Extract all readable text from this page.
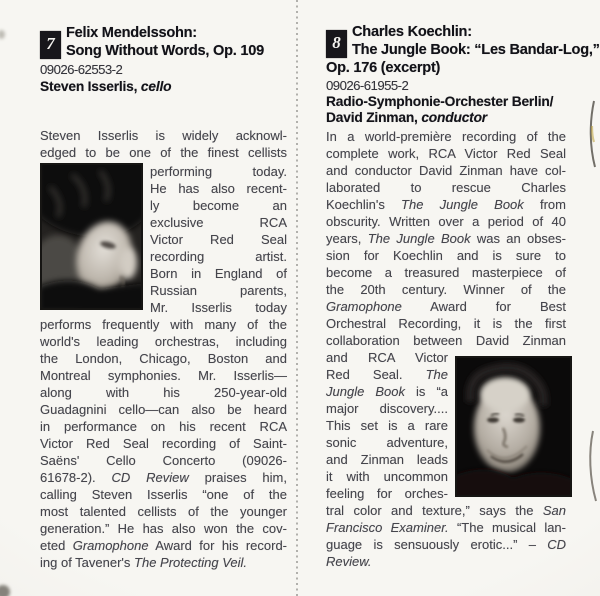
7
Felix Mendelssohn:
Song Without Words, Op. 109
09026-62553-2
Steven Isserlis, cello
Steven Isserlis is widely acknowl-
edged to be one of the finest cellists
performing today.
He has also recent-
ly become an
exclusive RCA
Victor Red Seal
recording artist.
Born in England of
Russian parents,
Mr. Isserlis today
performs frequently with many of the
world's leading orchestras, including
the London, Chicago, Boston and
Montreal symphonies. Mr. Isserlis—
along with his 250-year-old
Guadagnini cello—can also be heard
in performance on his recent RCA
Victor Red Seal recording of Saint-
Saëns' Cello Concerto (09026-
61678-2). CD Review praises him,
calling Steven Isserlis “one of the
most talented cellists of the younger
generation.” He has also won the cov-
eted Gramophone Award for his record-
ing of Tavener's The Protecting Veil.
8
Charles Koechlin:
The Jungle Book: “Les Bandar-Log,”
Op. 176 (excerpt)
09026-61955-2
Radio-Symphonie-Orchester Berlin/
David Zinman, conductor
In a world-première recording of the
complete work, RCA Victor Red Seal
and conductor David Zinman have col-
laborated to rescue Charles
Koechlin's The Jungle Book from
obscurity. Written over a period of 40
years, The Jungle Book was an obses-
sion for Koechlin and is sure to
become a treasured masterpiece of
the 20th century. Winner of the
Gramophone Award for Best
Orchestral Recording, it is the first
collaboration between David Zinman
and RCA Victor
Red Seal. The
Jungle Book is “a
major discovery....
This set is a rare
sonic adventure,
and Zinman leads
it with uncommon
feeling for orches-
tral color and texture,” says the San
Francisco Examiner. “The musical lan-
guage is sensuously erotic...” – CD Review.
